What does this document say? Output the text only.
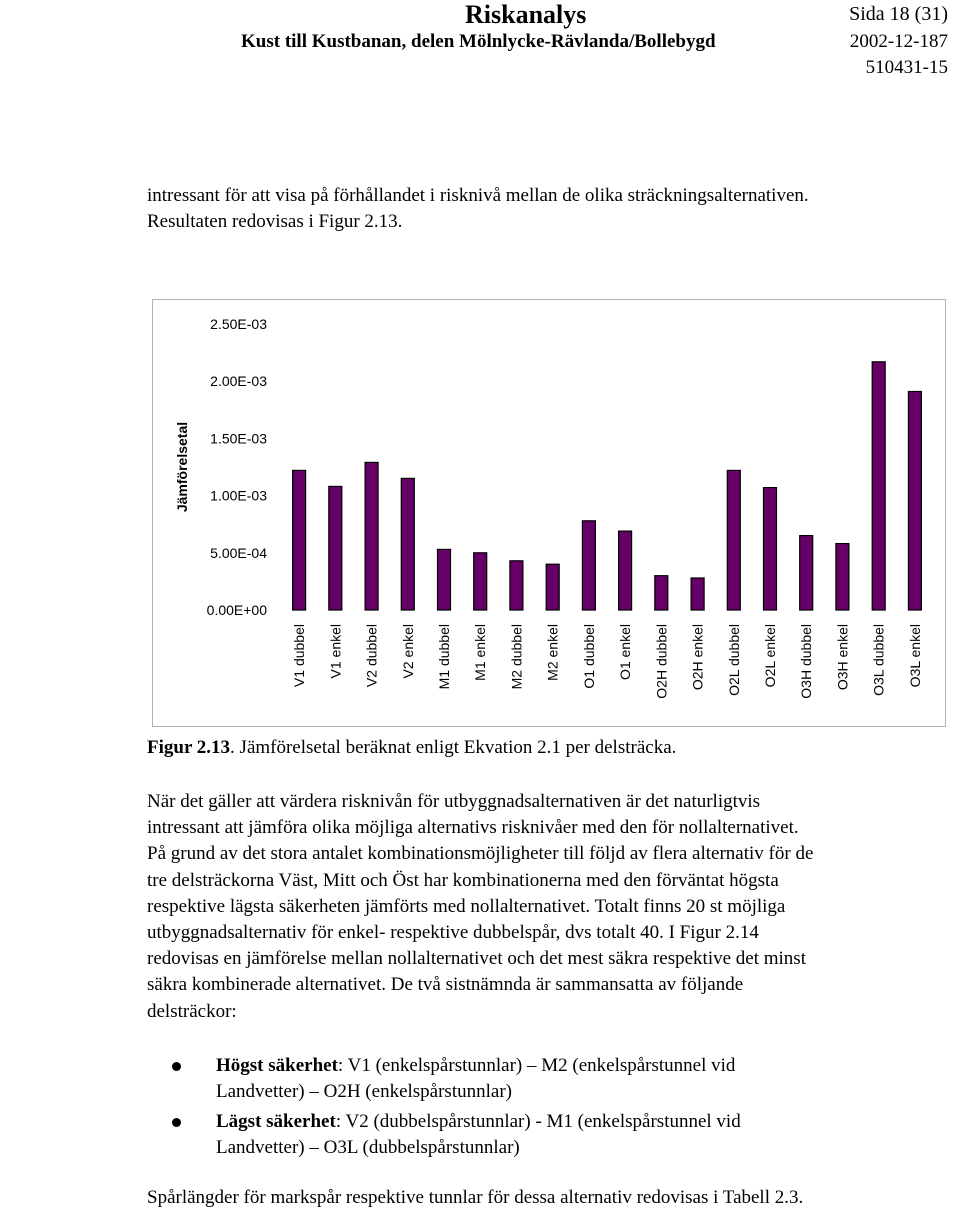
Riskanalys	Sida 18 (31)
Kust till Kustbanan, delen Mölnlycke-Rävlanda/Bollebygd	2002-12-187
510431-15
intressant för att visa på förhållandet i risknivå mellan de olika sträckningsalternativen.
Resultaten redovisas i Figur 2.13.
0.00E+00
5.00E-04
1.00E-03
1.50E-03
2.00E-03
2.50E-03
Jämförelsetal
V1 dubbel V1 enkel V2 dubbel V2 enkel M1 dubbel M1 enkel M2 dubbel M2 enkel O1 dubbel O1 enkel O2H dubbel O2H enkel O2L dubbel O2L enkel O3H dubbel O3H enkel O3L dubbel O3L enkel
Figur 2.13. Jämförelsetal beräknat enligt Ekvation 2.1 per delsträcka.
När det gäller att värdera risknivån för utbyggnadsalternativen är det naturligtvis
intressant att jämföra olika möjliga alternativs risknivåer med den för nollalternativet.
På grund av det stora antalet kombinationsmöjligheter till följd av flera alternativ för de
tre delsträckorna Väst, Mitt och Öst har kombinationerna med den förväntat högsta
respektive lägsta säkerheten jämförts med nollalternativet. Totalt finns 20 st möjliga
utbyggnadsalternativ för enkel- respektive dubbelspår, dvs totalt 40. I Figur 2.14
redovisas en jämförelse mellan nollalternativet och det mest säkra respektive det minst
säkra kombinerade alternativet. De två sistnämnda är sammansatta av följande
delsträckor:
Högst säkerhet: V1 (enkelspårstunnlar) – M2 (enkelspårstunnel vid
Landvetter) – O2H (enkelspårstunnlar)
Lägst säkerhet: V2 (dubbelspårstunnlar) - M1 (enkelspårstunnel vid
Landvetter) – O3L (dubbelspårstunnlar)
Spårlängder för markspår respektive tunnlar för dessa alternativ redovisas i Tabell 2.3.
